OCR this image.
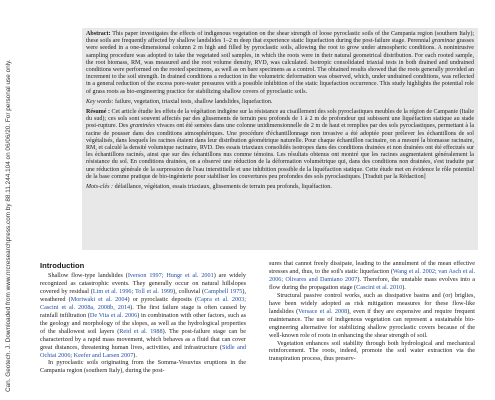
Can. Geotech. J. Downloaded from www.nrcresearchpress.com by 88.11.244.104 on 06/06/20. For personal use only.

Abstract: This paper investigates the effects of indigenous vegetation on the shear strength of loose pyroclastic soils of the Campania region (southern Italy); these soils are frequently affected by shallow landslides 1–2 m deep that experience static liquefaction during the post-failure stage. Perennial graminae grasses were seeded in a one-dimensional column 2 m high and filled by pyroclastic soils, allowing the root to grow under atmospheric conditions. A nonintrusive sampling procedure was adopted to take the vegetated soil samples, in which the roots were in their natural geometrical distribution. For each rooted sample, the root biomass, RM, was measured and the root volume density, RVD, was calculated. Isotropic consolidated triaxial tests in both drained and undrained conditions were performed on the rooted specimens, as well as on bare specimens as a control. The obtained results showed that the roots generally provided an increment to the soil strength. In drained conditions a reduction in the volumetric deformation was observed, which, under undrained conditions, was reflected in a general reduction of the excess pore-water pressures with a possible inhibition of the static liquefaction occurrence. This study highlights the potential role of grass roots as bio-engineering practice for stabilizing shallow covers of pyroclastic soils.

Key words: failure, vegetation, triaxial tests, shallow landslides, liquefaction.

Résumé : Cet article étudie les effets de la végétation indigène sur la résistance au cisaillement des sols pyroclastiques meubles de la région de Campanie (Italie du sud); ces sols sont souvent affectés par des glissements de terrain peu profonds de 1 à 2 m de profondeur qui subissent une liquéfaction statique au stade post-rupture. Des graminées vivaces ont été semées dans une colonne unidimensionnelle de 2 m de haut et remplies par des sols pyroclastiques, permettant à la racine de pousser dans des conditions atmosphériques. Une procédure d'échantillonnage non invasive a été adoptée pour prélever les échantillons de sol végétalisés, dans lesquels les racines étaient dans leur distribution géométrique naturelle. Pour chaque échantillon racinaire, on a mesuré la biomasse racinaire, RM, et calculé la densité volumique racinaire, RVD. Des essais triaxiaux consolidés isotropes dans des conditions drainées et non drainées ont été effectués sur les échantillons racinés, ainsi que sur des échantillons nus comme témoins. Les résultats obtenus ont montré que les racines augmentaient généralement la résistance du sol. En conditions drainées, on a observé une réduction de la déformation volumétrique qui, dans des conditions non drainées, s'est traduite par une réduction générale de la surpression de l'eau interstitielle et une inhibition possible de la liquéfaction statique. Cette étude met en évidence le rôle potentiel de la base comme pratique de bio-ingénierie pour stabiliser les couvertures peu profondes des sols pyroclastiques. [Traduit par la Rédaction]

Mots-clés : défaillance, végétation, essais triaxiaux, glissements de terrain peu profonds, liquéfaction.

Introduction

Shallow flow-type landslides (Iverson 1997; Hungr et al. 2001) are widely recognized as catastrophic events. They generally occur on natural hillslopes covered by residual (Lim et al. 1996; Toll et al. 1999), colluvial (Campbell 1975), weathered (Moriwaki et al. 2004) or pyroclastic deposits (Capra et al. 2003; Cascini et al. 2008a, 2008b, 2014). The first failure stage is often caused by rainfall infiltration (De Vita et al. 2006) in combination with other factors, such as the geology and morphology of the slopes, as well as the hydrological properties of the shallowest soil layers (Reid et al. 1988). The post-failure stage can be characterized by a rapid mass movement, which behaves as a fluid that can cover great distances, threatening human lives, activities, and infrastructure (Sidle and Ochiai 2006; Keefer and Larsen 2007).

In pyroclastic soils originating from the Somma-Vesuvius eruptions in the Campania region (southern Italy), during the post-

sures that cannot freely dissipate, leading to the annulment of the mean effective stresses and, thus, to the soil's static liquefaction (Wang et al. 2002; van Asch et al. 2006; Olivares and Damiano 2007). Therefore, the unstable mass evolves into a flow during the propagation stage (Cascini et al. 2010).

Structural passive control works, such as dissipative basins and (or) briglies, have been widely adopted as risk mitigation measures for these flow-like landslides (Versace et al. 2008), even if they are expensive and require frequent maintenance. The use of indigenous vegetation can represent a sustainable bio-engineering alternative for stabilizing shallow pyroclastic covers because of the well-known role of roots in enhancing the shear strength of soil.

Vegetation enhances soil stability through both hydrological and mechanical reinforcement. The roots, indeed, promote the soil water extraction via the transpiration process, thus preserv-
